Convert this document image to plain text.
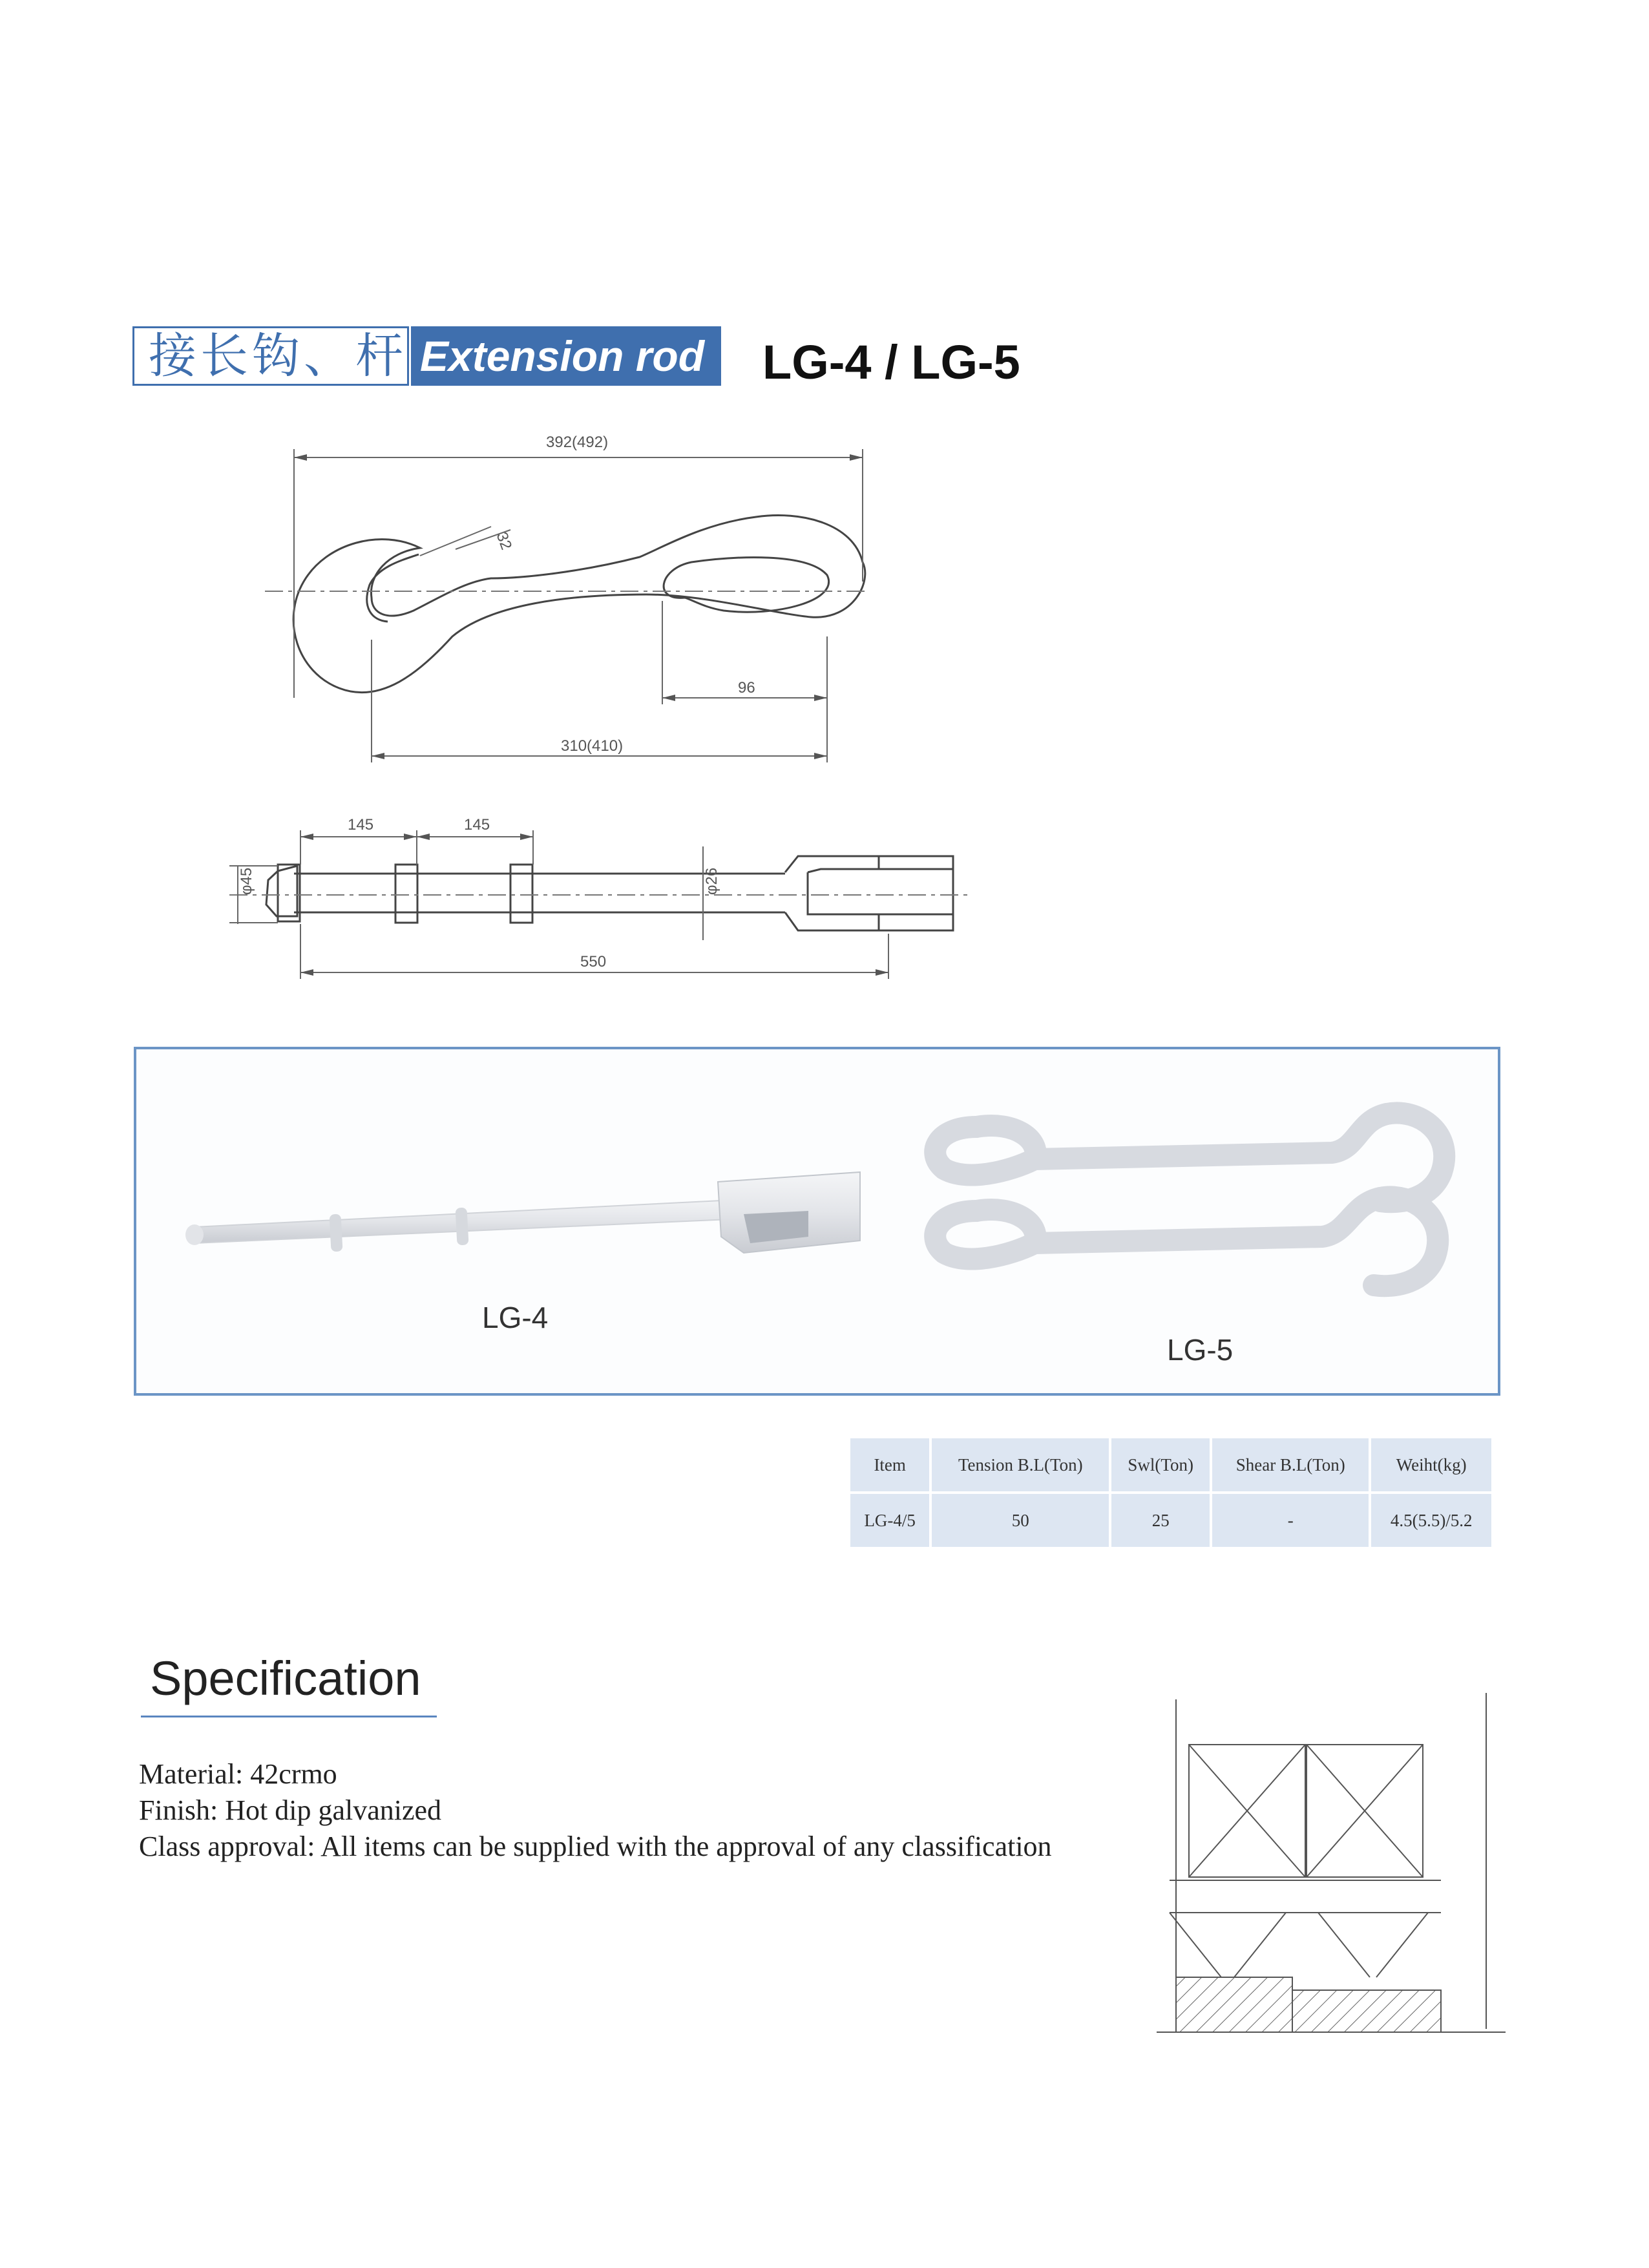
接长钩、杆 Extension rod	LG-4 / LG-5
392(492)
32
96
310(410)
145	145
φ45	φ26
550
LG-4
LG-5
Item	Tension B.L(Ton)	Swl(Ton)	Shear B.L(Ton)	Weiht(kg)
LG-4/5	50	25	-	4.5(5.5)/5.2
Specification
Material: 42crmo
Finish: Hot dip galvanized
Class approval: All items can be supplied with the approval of any classification
